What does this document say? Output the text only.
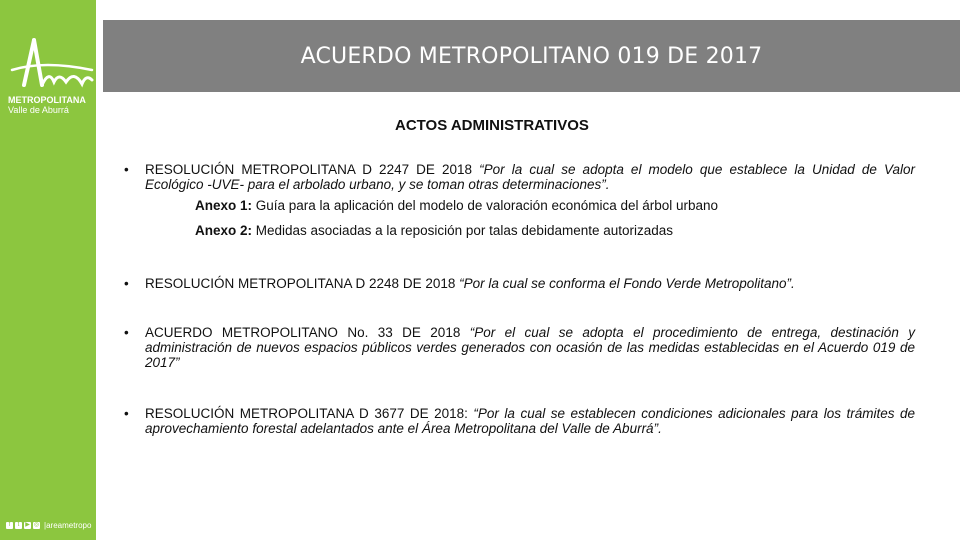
METROPOLITANA
Valle de Aburrá
f	t ▶ ◎ |areametropo
ACUERDO METROPOLITANO 019 DE 2017
ACTOS ADMINISTRATIVOS
• RESOLUCIÓN METROPOLITANA D 2247 DE 2018 “Por la cual se adopta el modelo que establece la Unidad de Valor Ecológico -UVE- para el arbolado urbano, y se toman otras determinaciones”.
Anexo 1: Guía para la aplicación del modelo de valoración económica del árbol urbano
Anexo 2: Medidas asociadas a la reposición por talas debidamente autorizadas
• RESOLUCIÓN METROPOLITANA D 2248 DE 2018 “Por la cual se conforma el Fondo Verde Metropolitano”.
• ACUERDO METROPOLITANO No. 33 DE 2018 “Por el cual se adopta el procedimiento de entrega, destinación y administración de nuevos espacios públicos verdes generados con ocasión de las medidas establecidas en el Acuerdo 019 de 2017”
• RESOLUCIÓN METROPOLITANA D 3677 DE 2018: “Por la cual se establecen condiciones adicionales para los trámites de aprovechamiento forestal adelantados ante el Área Metropolitana del Valle de Aburrá”.
